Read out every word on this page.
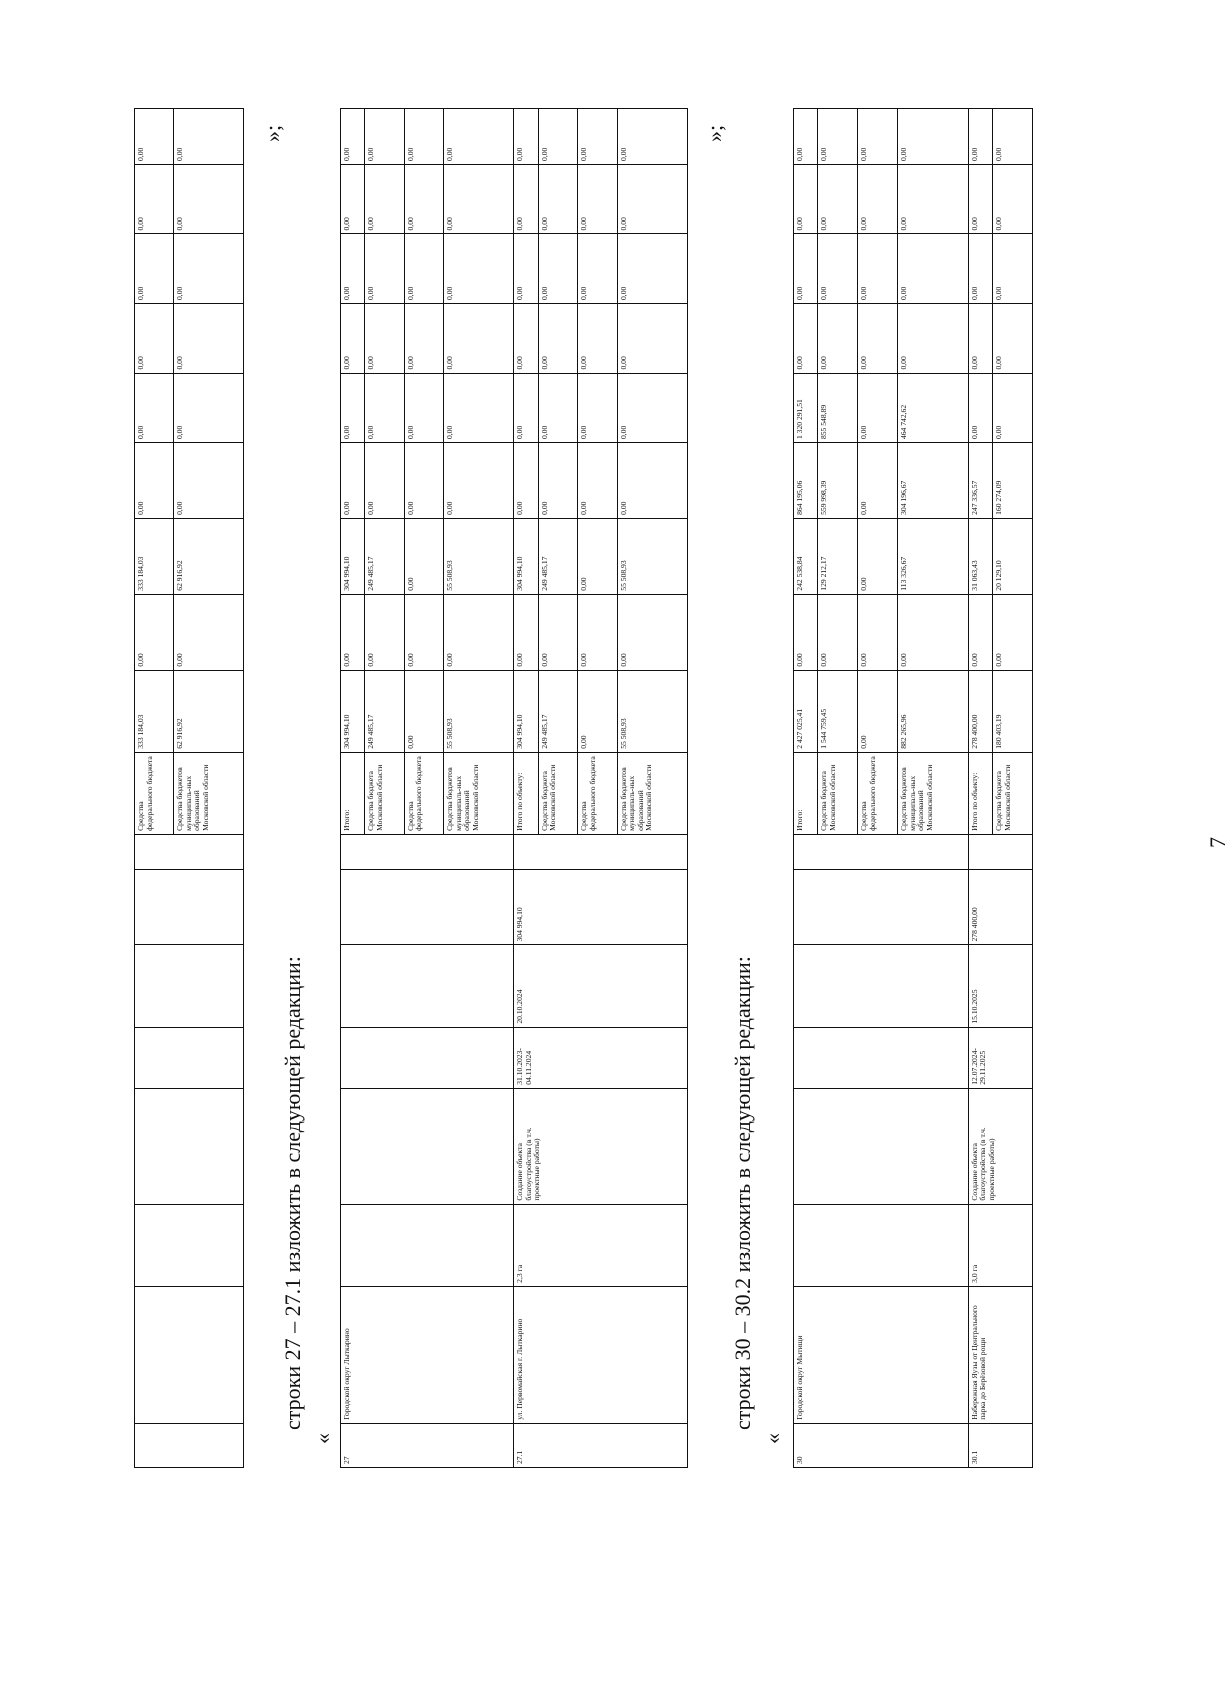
7
								Средства федерального бюджета	333 184,03	0,00	333 184,03	0,00	0,00	0,00	0,00	0,00	0,00
								Средства бюджетов муниципаль-ных образований Московской области	62 916,92	0,00	62 916,92	0,00	0,00	0,00	0,00	0,00	0,00
»;
строки 27 – 27.1 изложить в следующей редакции:
«
27	Городской округ Лыткарино							Итого:	304 994,10	0,00	304 994,10	0,00	0,00	0,00	0,00	0,00	0,00
								Средства бюджета Московской области	249 485,17	0,00	249 485,17	0,00	0,00	0,00	0,00	0,00	0,00
								Средства федерального бюджета	0,00	0,00	0,00	0,00	0,00	0,00	0,00	0,00	0,00
								Средства бюджетов муниципаль-ных образований Московской области	55 508,93	0,00	55 508,93	0,00	0,00	0,00	0,00	0,00	0,00
27.1	ул. Первомайская г. Лыткарино	2,3 га	Создание объекта благоустройства (в т.ч. проектные работы)	31.10.2023-04.11.2024	20.10.2024	304 994,10		Итого по объекту:	304 994,10	0,00	304 994,10	0,00	0,00	0,00	0,00	0,00	0,00
								Средства бюджета Московской области	249 485,17	0,00	249 485,17	0,00	0,00	0,00	0,00	0,00	0,00
								Средства федерального бюджета	0,00	0,00	0,00	0,00	0,00	0,00	0,00	0,00	0,00
								Средства бюджетов муниципаль-ных образований Московской области	55 508,93	0,00	55 508,93	0,00	0,00	0,00	0,00	0,00	0,00
»;
строки 30 – 30.2 изложить в следующей редакции:
«
30	Городской округ Мытищи							Итого:	2 427 025,41	0,00	242 538,84	864 195,06	1 320 291,51	0,00	0,00	0,00	0,00
								Средства бюджета Московской области	1 544 759,45	0,00	129 212,17	559 998,39	855 548,89	0,00	0,00	0,00	0,00
								Средства федерального бюджета	0,00	0,00	0,00	0,00	0,00	0,00	0,00	0,00	0,00
								Средства бюджетов муниципаль-ных образований Московской области	882 265,96	0,00	113 326,67	304 196,67	464 742,62	0,00	0,00	0,00	0,00
30.1	Набережная Яузы от Центрального парка до Берёзовой рощи	3,0 га	Создание объекта благоустройства (в т.ч. проектные работы)	12.07.2024-29.11.2025	15.10.2025	278 400,00		Итого по объекту:	278 400,00	0,00	31 063,43	247 336,57	0,00	0,00	0,00	0,00	0,00
								Средства бюджета Московской области	180 403,19	0,00	20 129,10	160 274,09	0,00	0,00	0,00	0,00	0,00
